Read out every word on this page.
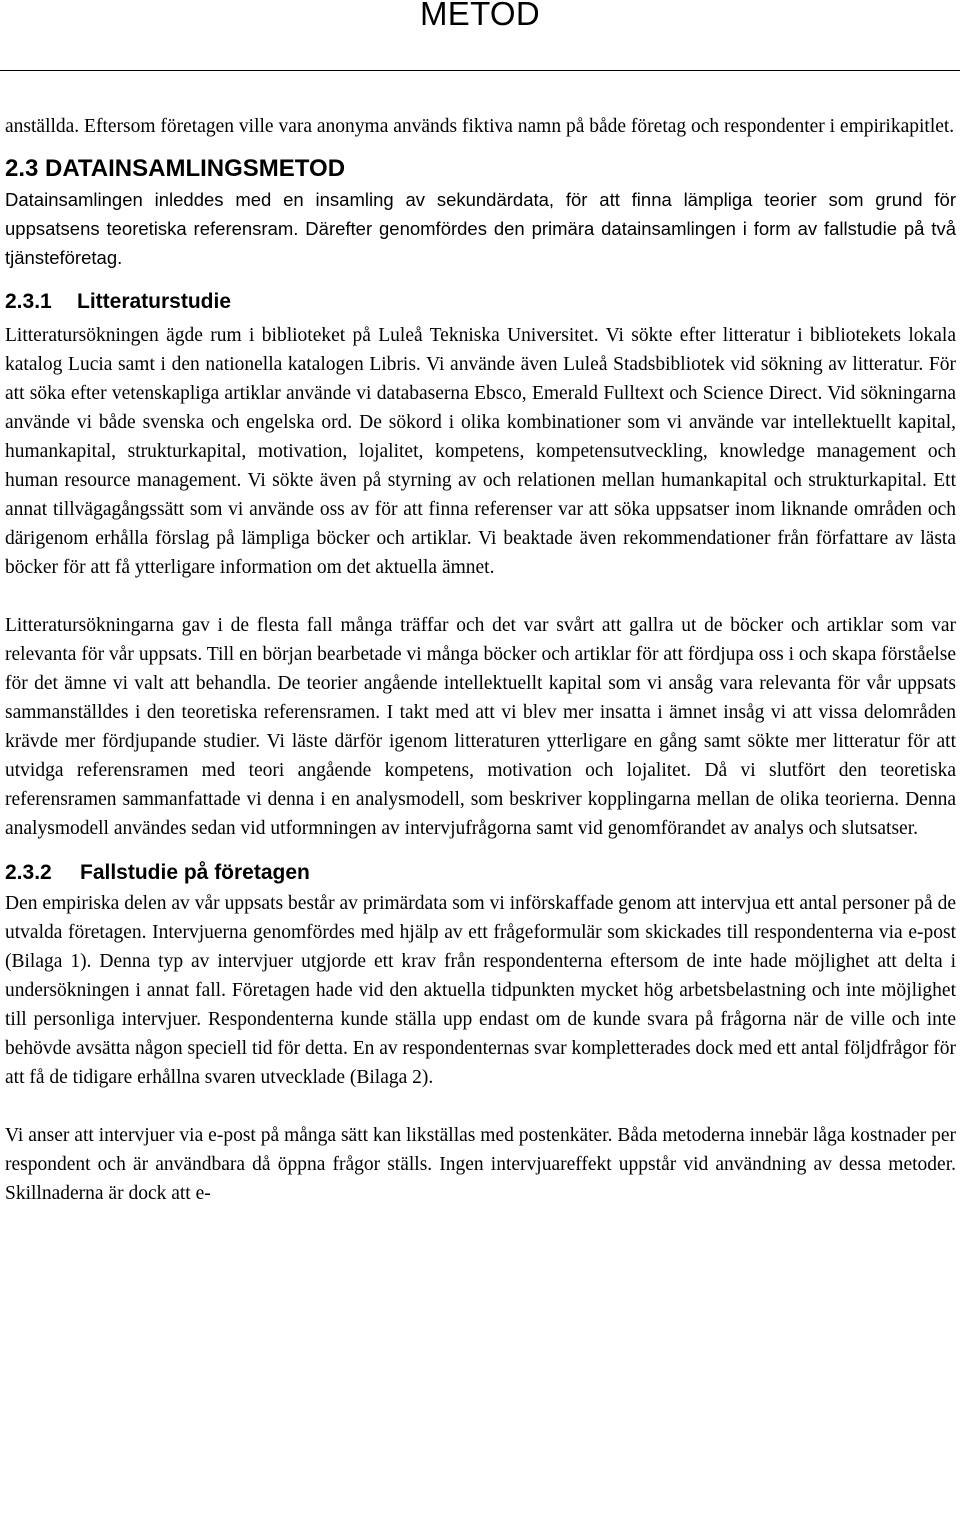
METOD

anställda. Eftersom företagen ville vara anonyma används fiktiva namn på både företag och respondenter i empirikapitlet.

2.3 DATAINSAMLINGSMETOD

Datainsamlingen inleddes med en insamling av sekundärdata, för att finna lämpliga teorier som grund för uppsatsens teoretiska referensram. Därefter genomfördes den primära datainsamlingen i form av fallstudie på två tjänsteföretag.

2.3.1 Litteraturstudie

Litteratursökningen ägde rum i biblioteket på Luleå Tekniska Universitet. Vi sökte efter litteratur i bibliotekets lokala katalog Lucia samt i den nationella katalogen Libris. Vi använde även Luleå Stadsbibliotek vid sökning av litteratur. För att söka efter vetenskapliga artiklar använde vi databaserna Ebsco, Emerald Fulltext och Science Direct. Vid sökningarna använde vi både svenska och engelska ord. De sökord i olika kombinationer som vi använde var intellektuellt kapital, humankapital, strukturkapital, motivation, lojalitet, kompetens, kompetensutveckling, knowledge management och human resource management. Vi sökte även på styrning av och relationen mellan humankapital och strukturkapital. Ett annat tillvägagångssätt som vi använde oss av för att finna referenser var att söka uppsatser inom liknande områden och därigenom erhålla förslag på lämpliga böcker och artiklar. Vi beaktade även rekommendationer från författare av lästa böcker för att få ytterligare information om det aktuella ämnet.

Litteratursökningarna gav i de flesta fall många träffar och det var svårt att gallra ut de böcker och artiklar som var relevanta för vår uppsats. Till en början bearbetade vi många böcker och artiklar för att fördjupa oss i och skapa förståelse för det ämne vi valt att behandla. De teorier angående intellektuellt kapital som vi ansåg vara relevanta för vår uppsats sammanställdes i den teoretiska referensramen. I takt med att vi blev mer insatta i ämnet insåg vi att vissa delområden krävde mer fördjupande studier. Vi läste därför igenom litteraturen ytterligare en gång samt sökte mer litteratur för att utvidga referensramen med teori angående kompetens, motivation och lojalitet. Då vi slutfört den teoretiska referensramen sammanfattade vi denna i en analysmodell, som beskriver kopplingarna mellan de olika teorierna. Denna analysmodell användes sedan vid utformningen av intervjufrågorna samt vid genomförandet av analys och slutsatser.

2.3.2 Fallstudie på företagen

Den empiriska delen av vår uppsats består av primärdata som vi införskaffade genom att intervjua ett antal personer på de utvalda företagen. Intervjuerna genomfördes med hjälp av ett frågeformulär som skickades till respondenterna via e-post (Bilaga 1). Denna typ av intervjuer utgjorde ett krav från respondenterna eftersom de inte hade möjlighet att delta i undersökningen i annat fall. Företagen hade vid den aktuella tidpunkten mycket hög arbetsbelastning och inte möjlighet till personliga intervjuer. Respondenterna kunde ställa upp endast om de kunde svara på frågorna när de ville och inte behövde avsätta någon speciell tid för detta. En av respondenternas svar kompletterades dock med ett antal följdfrågor för att få de tidigare erhållna svaren utvecklade (Bilaga 2).

Vi anser att intervjuer via e-post på många sätt kan likställas med postenkäter. Båda metoderna innebär låga kostnader per respondent och är användbara då öppna frågor ställs. Ingen intervjuareffekt uppstår vid användning av dessa metoder. Skillnaderna är dock att e-
